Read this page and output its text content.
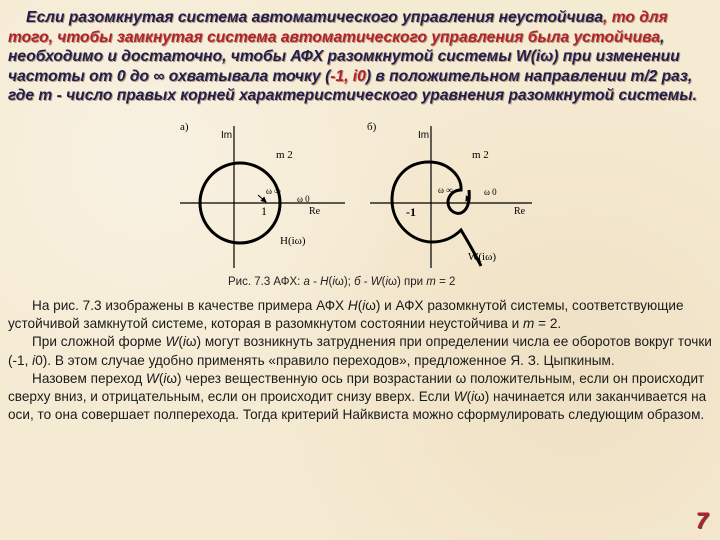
Если разомкнутая система автоматического управления неустойчива, то для того, чтобы замкнутая система автоматического управления была устойчива, необходимо и достаточно, чтобы АФХ разомкнутой системы W(iω) при изменении частоты от 0 до ∞ охватывала точку (-1, i0) в положительном направлении m/2 раз, где m - число правых корней характеристического уравнения разомкнутой системы.
а)
Im
Re
m 2
ω ∞
ω 0
1
H(iω)
б)
Im
Re
m 2
ω ∞	ω 0
-1
W(iω)
Рис. 7.3 АФХ: а - H(iω); б - W(iω) при m = 2

На рис. 7.3 изображены в качестве примера АФХ H(iω) и АФХ разомкнутой системы, соответствующие устойчивой замкнутой системе, которая в разомкнутом состоянии неустойчива и m = 2.

При сложной форме W(iω) могут возникнуть затруднения при определении числа ее оборотов вокруг точки (-1, i0). В этом случае удобно применять «правило переходов», предложенное Я. З. Цыпкиным.

Назовем переход W(iω) через вещественную ось при возрастании ω положительным, если он происходит сверху вниз, и отрицательным, если он происходит снизу вверх. Если W(iω) начинается или заканчивается на оси, то она совершает полперехода. Тогда критерий Найквиста можно сформулировать следующим образом.

7
